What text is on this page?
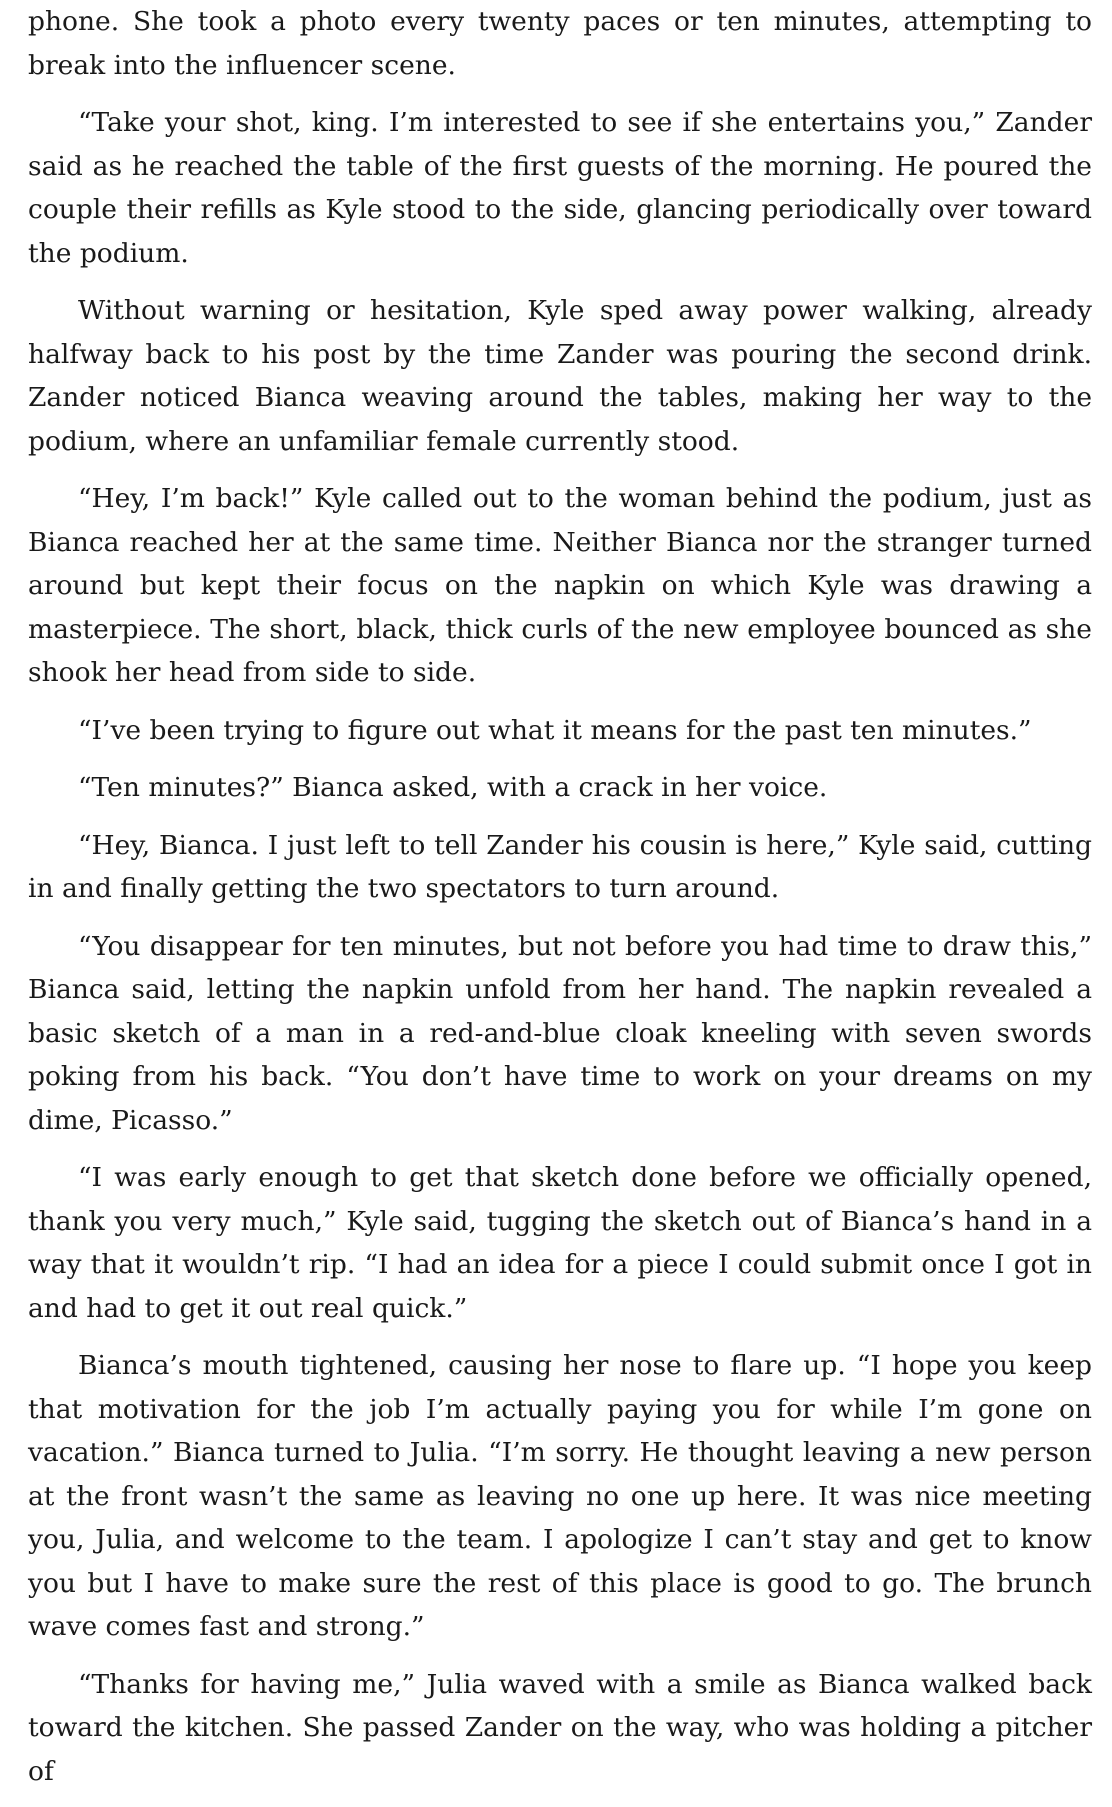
phone. She took a photo every twenty paces or ten minutes, attempting to break into the influencer scene.

“Take your shot, king. I’m interested to see if she entertains you,” Zander said as he reached the table of the first guests of the morning. He poured the couple their refills as Kyle stood to the side, glancing periodically over toward the podium.

Without warning or hesitation, Kyle sped away power walking, already halfway back to his post by the time Zander was pouring the second drink. Zander noticed Bianca weaving around the tables, making her way to the podium, where an unfamiliar female currently stood.

“Hey, I’m back!” Kyle called out to the woman behind the podium, just as Bianca reached her at the same time. Neither Bianca nor the stranger turned around but kept their focus on the napkin on which Kyle was drawing a masterpiece. The short, black, thick curls of the new employee bounced as she shook her head from side to side.

“I’ve been trying to figure out what it means for the past ten minutes.”

“Ten minutes?” Bianca asked, with a crack in her voice.

“Hey, Bianca. I just left to tell Zander his cousin is here,” Kyle said, cutting in and finally getting the two spectators to turn around.

“You disappear for ten minutes, but not before you had time to draw this,” Bianca said, letting the napkin unfold from her hand. The napkin revealed a basic sketch of a man in a red-and-blue cloak kneeling with seven swords poking from his back. “You don’t have time to work on your dreams on my dime, Picasso.”

“I was early enough to get that sketch done before we officially opened, thank you very much,” Kyle said, tugging the sketch out of Bianca’s hand in a way that it wouldn’t rip. “I had an idea for a piece I could submit once I got in and had to get it out real quick.”

Bianca’s mouth tightened, causing her nose to flare up. “I hope you keep that motivation for the job I’m actually paying you for while I’m gone on vacation.” Bianca turned to Julia. “I’m sorry. He thought leaving a new person at the front wasn’t the same as leaving no one up here. It was nice meeting you, Julia, and welcome to the team. I apologize I can’t stay and get to know you but I have to make sure the rest of this place is good to go. The brunch wave comes fast and strong.”

“Thanks for having me,” Julia waved with a smile as Bianca walked back toward the kitchen. She passed Zander on the way, who was holding a pitcher of
